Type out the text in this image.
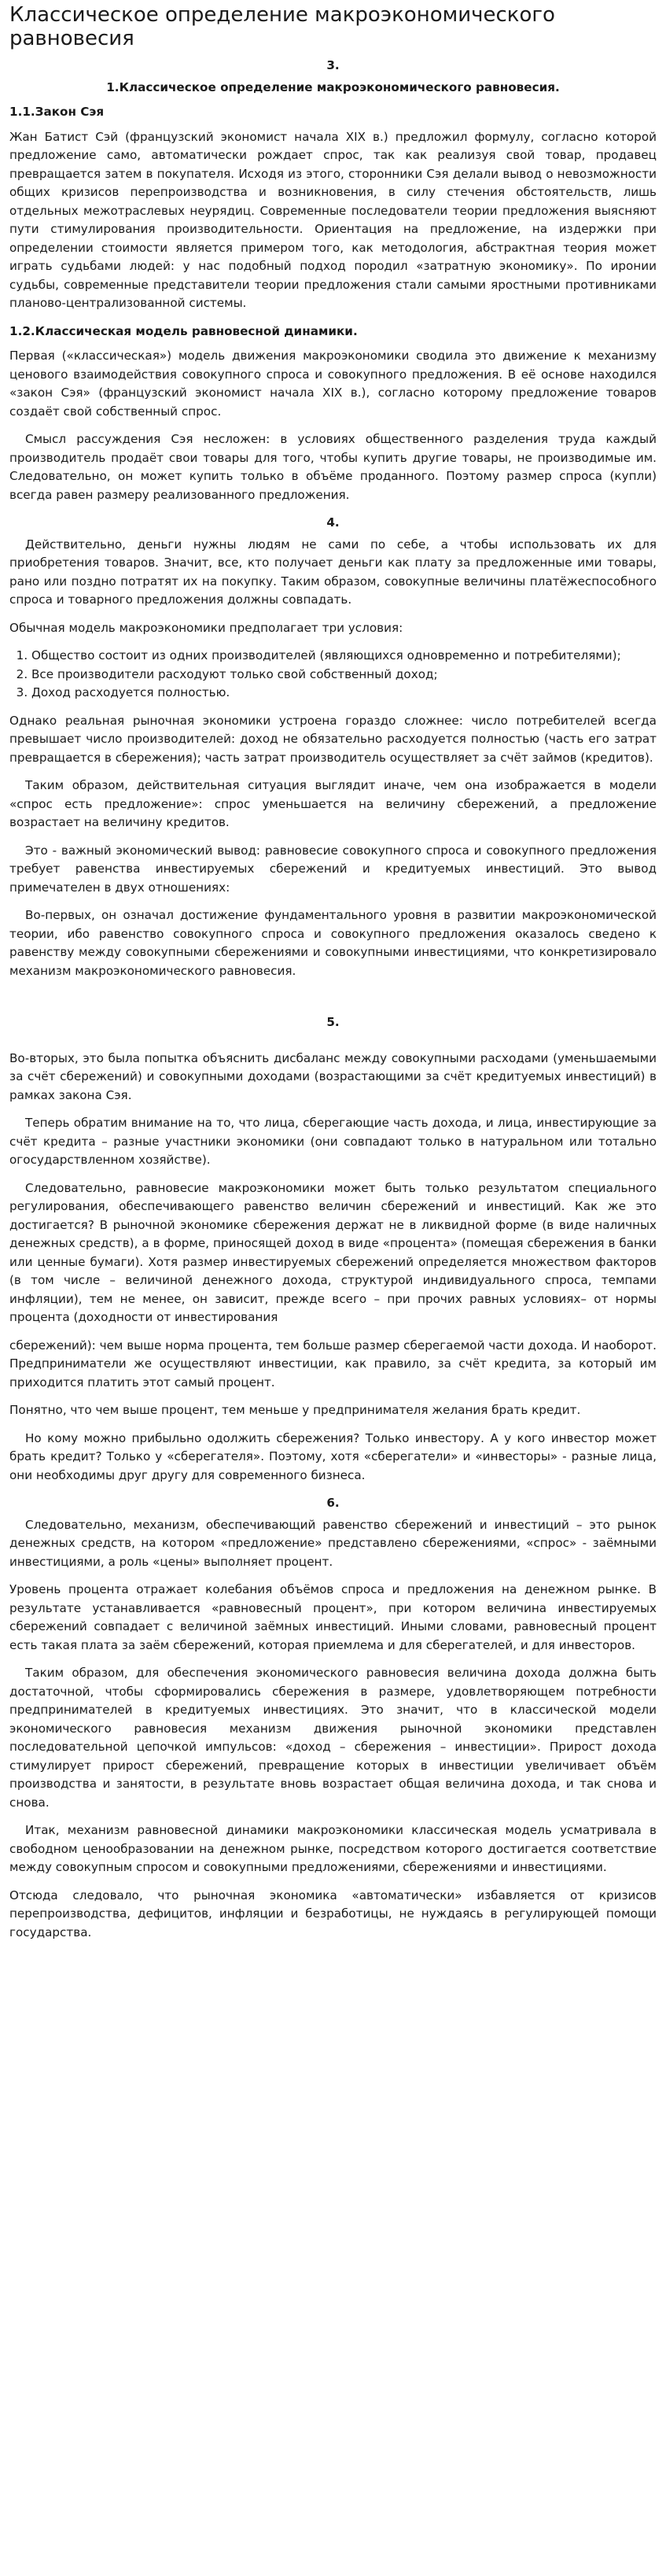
Классическое определение макроэкономического равновесия
3.
1.Классическое определение макроэкономического равновесия.
1.1.Закон Сэя

Жан Батист Сэй (французский экономист начала XIX в.) предложил формулу, согласно которой предложение само, автоматически рождает спрос, так как реализуя свой товар, продавец превращается затем в покупателя. Исходя из этого, сторонники Сэя делали вывод о невозможности общих кризисов перепроизводства и возникновения, в силу стечения обстоятельств, лишь отдельных межотраслевых неурядиц. Современные последователи теории предложения выясняют пути стимулирования производительности. Ориентация на предложение, на издержки при определении стоимости является примером того, как методология, абстрактная теория может играть судьбами людей: у нас подобный подход породил «затратную экономику». По иронии судьбы, современные представители теории предложения стали самыми яростными противниками планово-централизованной системы.

1.2.Классическая модель равновесной динамики.

Первая («классическая») модель движения макроэкономики сводила это движение к механизму ценового взаимодействия совокупного спроса и совокупного предложения. В её основе находился «закон Сэя» (французский экономист начала XIX в.), согласно которому предложение товаров создаёт свой собственный спрос.

Смысл рассуждения Сэя несложен: в условиях общественного разделения труда каждый производитель продаёт свои товары для того, чтобы купить другие товары, не производимые им. Следовательно, он может купить только в объёме проданного. Поэтому размер спроса (купли) всегда равен размеру реализованного предложения.

4.

Действительно, деньги нужны людям не сами по себе, а чтобы использовать их для приобретения товаров. Значит, все, кто получает деньги как плату за предложенные ими товары, рано или поздно потратят их на покупку. Таким образом, совокупные величины платёжеспособного спроса и товарного предложения должны совпадать.

Обычная модель макроэкономики предполагает три условия:

1. Общество состоит из одних производителей (являющихся одновременно и потребителями);
2. Все производители расходуют только свой собственный доход;
3. Доход расходуется полностью.

Однако реальная рыночная экономики устроена гораздо сложнее: число потребителей всегда превышает число производителей: доход не обязательно расходуется полностью (часть его затрат превращается в сбережения); часть затрат производитель осуществляет за счёт займов (кредитов).

Таким образом, действительная ситуация выглядит иначе, чем она изображается в модели «спрос есть предложение»: спрос уменьшается на величину сбережений, а предложение возрастает на величину кредитов.

Это - важный экономический вывод: равновесие совокупного спроса и совокупного предложения требует равенства инвестируемых сбережений и кредитуемых инвестиций. Это вывод примечателен в двух отношениях:

Во-первых, он означал достижение фундаментального уровня в развитии макроэкономической теории, ибо равенство совокупного спроса и совокупного предложения оказалось сведено к равенству между совокупными сбережениями и совокупными инвестициями, что конкретизировало механизм макроэкономического равновесия.

5.

Во-вторых, это была попытка объяснить дисбаланс между совокупными расходами (уменьшаемыми за счёт сбережений) и совокупными доходами (возрастающими за счёт кредитуемых инвестиций) в рамках закона Сэя.

Теперь обратим внимание на то, что лица, сберегающие часть дохода, и лица, инвестирующие за счёт кредита – разные участники экономики (они совпадают только в натуральном или тотально огосударствленном хозяйстве).

Следовательно, равновесие макроэкономики может быть только результатом специального регулирования, обеспечивающего равенство величин сбережений и инвестиций. Как же это достигается? В рыночной экономике сбережения держат не в ликвидной форме (в виде наличных денежных средств), а в форме, приносящей доход в виде «процента» (помещая сбережения в банки или ценные бумаги). Хотя размер инвестируемых сбережений определяется множеством факторов (в том числе – величиной денежного дохода, структурой индивидуального спроса, темпами инфляции), тем не менее, он зависит, прежде всего – при прочих равных условиях– от нормы процента (доходности от инвестирования

сбережений): чем выше норма процента, тем больше размер сберегаемой части дохода. И наоборот. Предприниматели же осуществляют инвестиции, как правило, за счёт кредита, за который им приходится платить этот самый процент.

Понятно, что чем выше процент, тем меньше у предпринимателя желания брать кредит.

Но кому можно прибыльно одолжить сбережения? Только инвестору. А у кого инвестор может брать кредит? Только у «сберегателя». Поэтому, хотя «сберегатели» и «инвесторы» - разные лица, они необходимы друг другу для современного бизнеса.

6.

Следовательно, механизм, обеспечивающий равенство сбережений и инвестиций – это рынок денежных средств, на котором «предложение» представлено сбережениями, «спрос» - заёмными инвестициями, а роль «цены» выполняет процент.

Уровень процента отражает колебания объёмов спроса и предложения на денежном рынке. В результате устанавливается «равновесный процент», при котором величина инвестируемых сбережений совпадает с величиной заёмных инвестиций. Иными словами, равновесный процент есть такая плата за заём сбережений, которая приемлема и для сберегателей, и для инвесторов.

Таким образом, для обеспечения экономического равновесия величина дохода должна быть достаточной, чтобы сформировались сбережения в размере, удовлетворяющем потребности предпринимателей в кредитуемых инвестициях. Это значит, что в классической модели экономического равновесия механизм движения рыночной экономики представлен последовательной цепочкой импульсов: «доход – сбережения – инвестиции». Прирост дохода стимулирует прирост сбережений, превращение которых в инвестиции увеличивает объём производства и занятости, в результате вновь возрастает общая величина дохода, и так снова и снова.

Итак, механизм равновесной динамики макроэкономики классическая модель усматривала в свободном ценообразовании на денежном рынке, посредством которого достигается соответствие между совокупным спросом и совокупными предложениями, сбережениями и инвестициями.

Отсюда следовало, что рыночная экономика «автоматически» избавляется от кризисов перепроизводства, дефицитов, инфляции и безработицы, не нуждаясь в регулирующей помощи государства.
